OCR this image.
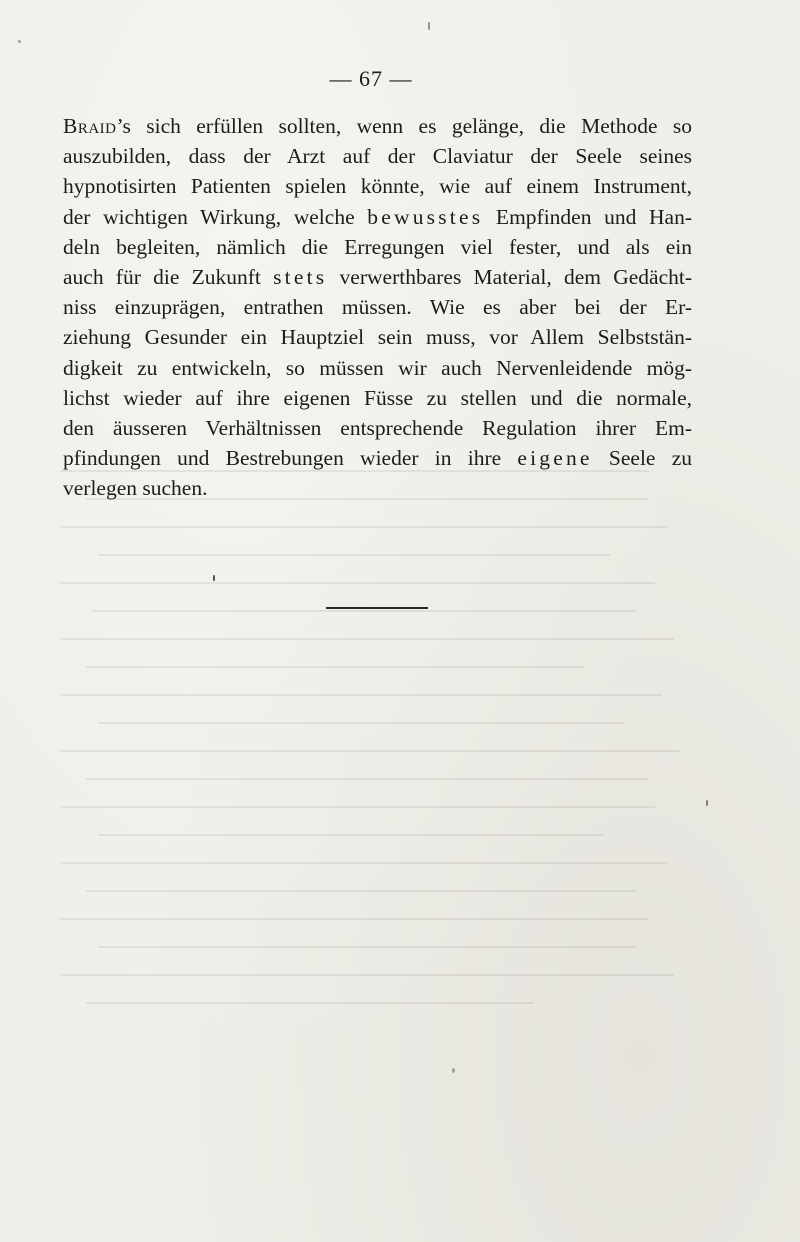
— 67 —
Braid’s sich erfüllen sollten, wenn es gelänge, die Methode so
auszubilden, dass der Arzt auf der Claviatur der Seele seines
hypnotisirten Patienten spielen könnte, wie auf einem Instrument,
der wichtigen Wirkung, welche bewusstes Empfinden und Han-
deln begleiten, nämlich die Erregungen viel fester, und als ein
auch für die Zukunft stets verwerthbares Material, dem Gedächt-
niss einzuprägen, entrathen müssen. Wie es aber bei der Er-
ziehung Gesunder ein Hauptziel sein muss, vor Allem Selbststän-
digkeit zu entwickeln, so müssen wir auch Nervenleidende mög-
lichst wieder auf ihre eigenen Füsse zu stellen und die normale,
den äusseren Verhältnissen entsprechende Regulation ihrer Em-
pfindungen und Bestrebungen wieder in ihre eigene Seele zu
verlegen suchen.
